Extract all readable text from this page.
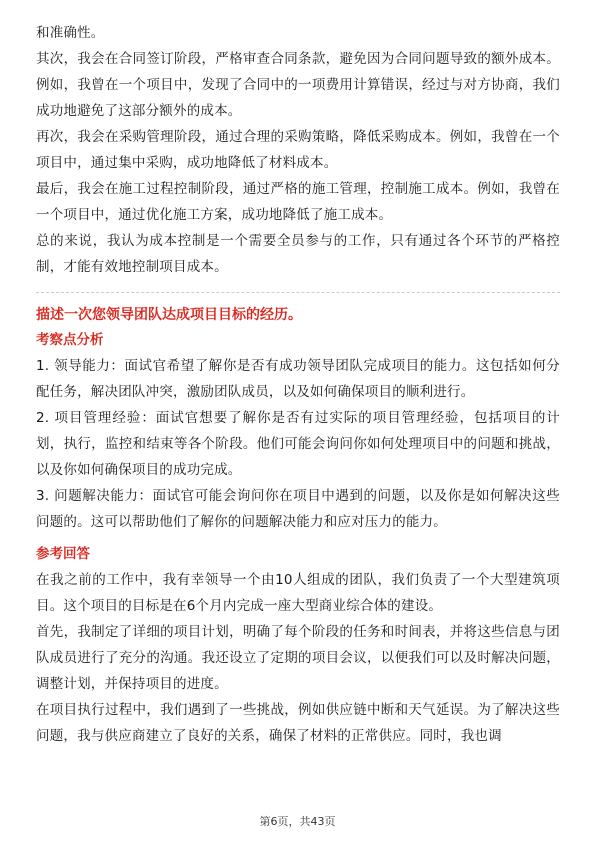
和准确性。

其次，我会在合同签订阶段，严格审查合同条款，避免因为合同问题导致的额外成本。例如，我曾在一个项目中，发现了合同中的一项费用计算错误，经过与对方协商，我们成功地避免了这部分额外的成本。

再次，我会在采购管理阶段，通过合理的采购策略，降低采购成本。例如，我曾在一个项目中，通过集中采购，成功地降低了材料成本。

最后，我会在施工过程控制阶段，通过严格的施工管理，控制施工成本。例如，我曾在一个项目中，通过优化施工方案，成功地降低了施工成本。

总的来说，我认为成本控制是一个需要全员参与的工作，只有通过各个环节的严格控制，才能有效地控制项目成本。

描述一次您领导团队达成项目目标的经历。

考察点分析

1. 领导能力：面试官希望了解你是否有成功领导团队完成项目的能力。这包括如何分配任务，解决团队冲突，激励团队成员，以及如何确保项目的顺利进行。

2. 项目管理经验：面试官想要了解你是否有过实际的项目管理经验，包括项目的计划，执行，监控和结束等各个阶段。他们可能会询问你如何处理项目中的问题和挑战，以及你如何确保项目的成功完成。

3. 问题解决能力：面试官可能会询问你在项目中遇到的问题，以及你是如何解决这些问题的。这可以帮助他们了解你的问题解决能力和应对压力的能力。

参考回答

在我之前的工作中，我有幸领导一个由10人组成的团队，我们负责了一个大型建筑项目。这个项目的目标是在6个月内完成一座大型商业综合体的建设。

首先，我制定了详细的项目计划，明确了每个阶段的任务和时间表，并将这些信息与团队成员进行了充分的沟通。我还设立了定期的项目会议，以便我们可以及时解决问题，调整计划，并保持项目的进度。

在项目执行过程中，我们遇到了一些挑战，例如供应链中断和天气延误。为了解决这些问题，我与供应商建立了良好的关系，确保了材料的正常供应。同时，我也调

第6页，共43页
